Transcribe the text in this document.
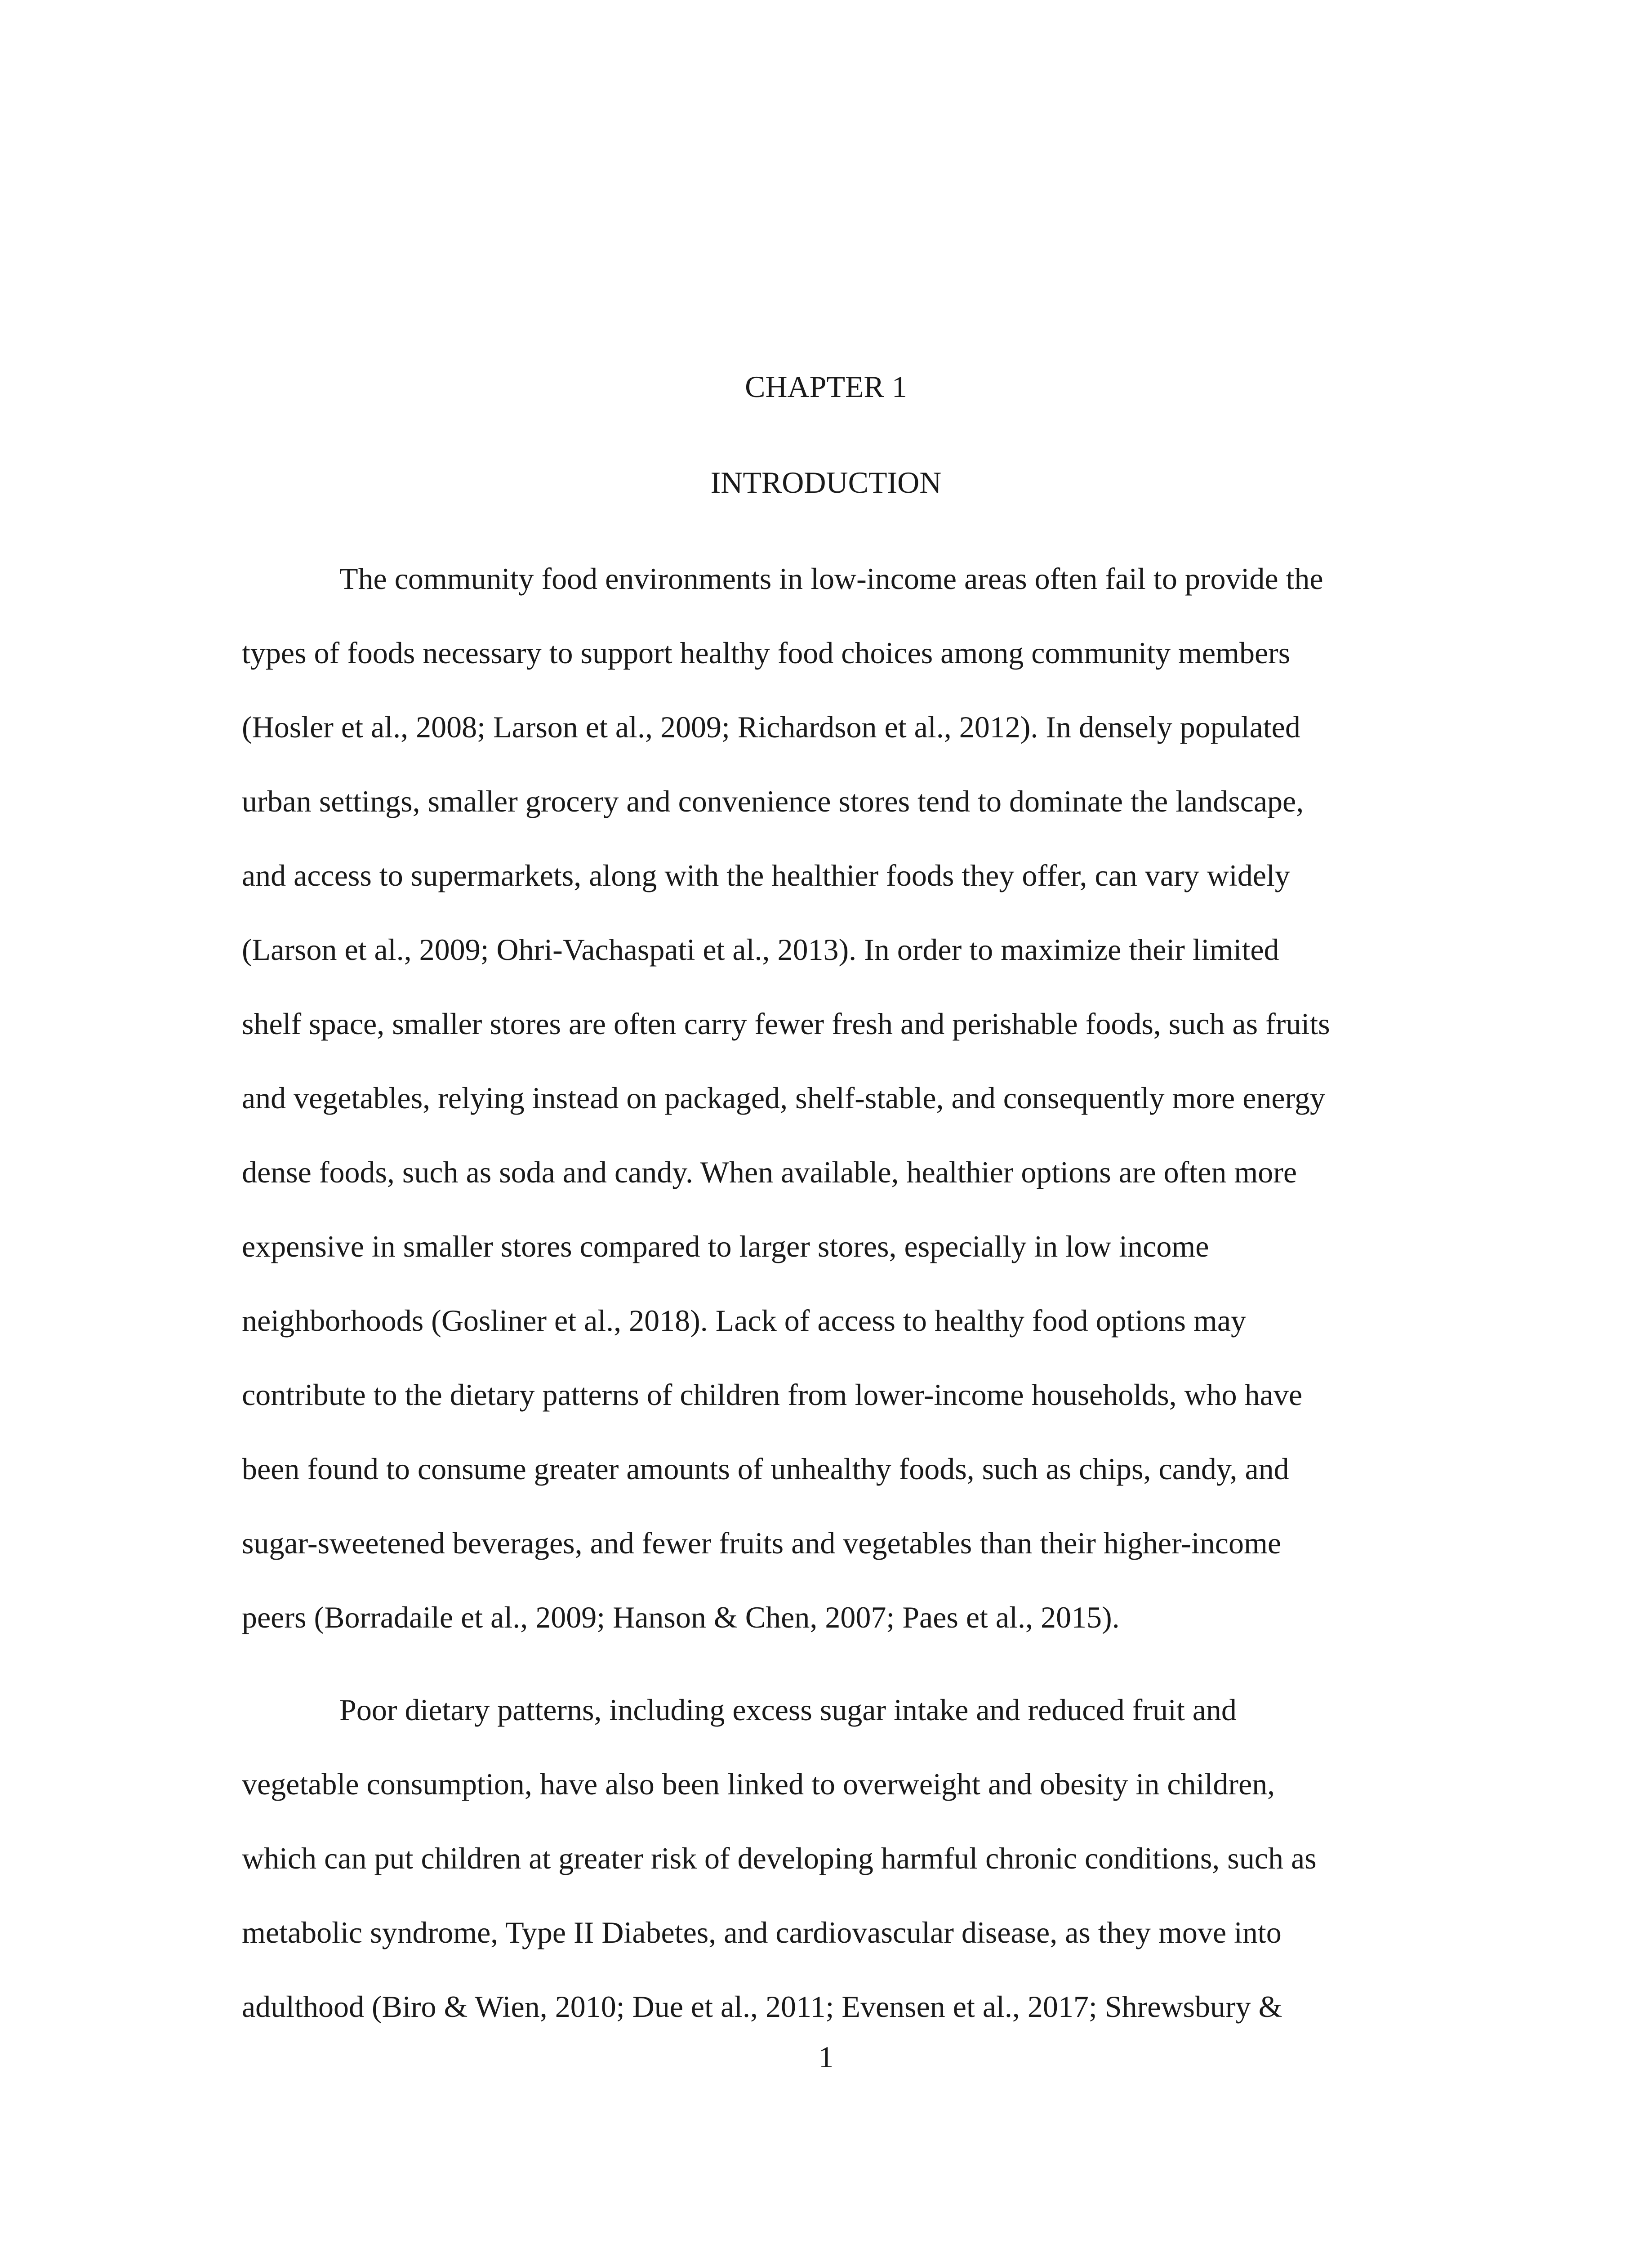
CHAPTER 1
INTRODUCTION

The community food environments in low-income areas often fail to provide the

types of foods necessary to support healthy food choices among community members

(Hosler et al., 2008; Larson et al., 2009; Richardson et al., 2012). In densely populated

urban settings, smaller grocery and convenience stores tend to dominate the landscape,

and access to supermarkets, along with the healthier foods they offer, can vary widely

(Larson et al., 2009; Ohri-Vachaspati et al., 2013). In order to maximize their limited

shelf space, smaller stores are often carry fewer fresh and perishable foods, such as fruits

and vegetables, relying instead on packaged, shelf-stable, and consequently more energy

dense foods, such as soda and candy. When available, healthier options are often more

expensive in smaller stores compared to larger stores, especially in low income

neighborhoods (Gosliner et al., 2018). Lack of access to healthy food options may

contribute to the dietary patterns of children from lower-income households, who have

been found to consume greater amounts of unhealthy foods, such as chips, candy, and

sugar-sweetened beverages, and fewer fruits and vegetables than their higher-income

peers (Borradaile et al., 2009; Hanson & Chen, 2007; Paes et al., 2015).

Poor dietary patterns, including excess sugar intake and reduced fruit and

vegetable consumption, have also been linked to overweight and obesity in children,

which can put children at greater risk of developing harmful chronic conditions, such as

metabolic syndrome, Type II Diabetes, and cardiovascular disease, as they move into

adulthood (Biro & Wien, 2010; Due et al., 2011; Evensen et al., 2017; Shrewsbury &

1
